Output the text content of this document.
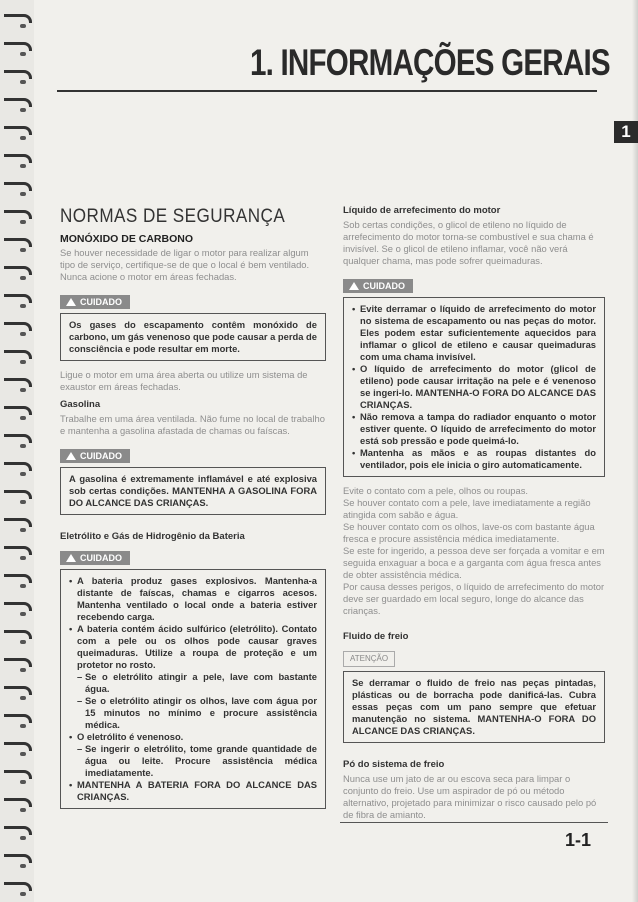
1. INFORMAÇÕES GERAIS
1
NORMAS DE SEGURANÇA
MONÓXIDO DE CARBONO

Se houver necessidade de ligar o motor para realizar algum tipo de serviço, certifique-se de que o local é bem ventilado. Nunca acione o motor em áreas fechadas.

CUIDADO
Os gases do escapamento contêm monóxido de carbono, um gás venenoso que pode causar a perda de consciência e pode resultar em morte.

Ligue o motor em uma área aberta ou utilize um sistema de exaustor em áreas fechadas.

Gasolina

Trabalhe em uma área ventilada. Não fume no local de trabalho e mantenha a gasolina afastada de chamas ou faíscas.

CUIDADO
A gasolina é extremamente inflamável e até explosiva sob certas condições. MANTENHA A GASOLINA FORA DO ALCANCE DAS CRIANÇAS.
Eletrólito e Gás de Hidrogênio da Bateria
CUIDADO
• A bateria produz gases explosivos. Mantenha-a distante de faíscas, chamas e cigarros acesos. Mantenha ventilado o local onde a bateria estiver recebendo carga.
• A bateria contém ácido sulfúrico (eletrólito). Contato com a pele ou os olhos pode causar graves queimaduras. Utilize a roupa de proteção e um protetor no rosto.
– Se o eletrólito atingir a pele, lave com bastante água.
– Se o eletrólito atingir os olhos, lave com água por 15 minutos no mínimo e procure assistência médica.
• O eletrólito é venenoso.
– Se ingerir o eletrólito, tome grande quantidade de água ou leite. Procure assistência médica imediatamente.
• MANTENHA A BATERIA FORA DO ALCANCE DAS CRIANÇAS.
Líquido de arrefecimento do motor

Sob certas condições, o glicol de etileno no líquido de arrefecimento do motor torna-se combustível e sua chama é invisível. Se o glicol de etileno inflamar, você não verá qualquer chama, mas pode sofrer queimaduras.

CUIDADO
• Evite derramar o líquido de arrefecimento do motor no sistema de escapamento ou nas peças do motor. Eles podem estar suficientemente aquecidos para inflamar o glicol de etileno e causar queimaduras com uma chama invisível.
• O líquido de arrefecimento do motor (glicol de etileno) pode causar irritação na pele e é venenoso se ingeri-lo. MANTENHA-O FORA DO ALCANCE DAS CRIANÇAS.
• Não remova a tampa do radiador enquanto o motor estiver quente. O líquido de arrefecimento do motor está sob pressão e pode queimá-lo.
• Mantenha as mãos e as roupas distantes do ventilador, pois ele inicia o giro automaticamente.

Evite o contato com a pele, olhos ou roupas.
Se houver contato com a pele, lave imediatamente a região atingida com sabão e água.
Se houver contato com os olhos, lave-os com bastante água fresca e procure assistência médica imediatamente.
Se este for ingerido, a pessoa deve ser forçada a vomitar e em seguida enxaguar a boca e a garganta com água fresca antes de obter assistência médica.
Por causa desses perigos, o líquido de arrefecimento do motor deve ser guardado em local seguro, longe do alcance das crianças.

Fluido de freio
ATENÇÃO
Se derramar o fluido de freio nas peças pintadas, plásticas ou de borracha pode danificá-las. Cubra essas peças com um pano sempre que efetuar manutenção no sistema. MANTENHA-O FORA DO ALCANCE DAS CRIANÇAS.
Pó do sistema de freio

Nunca use um jato de ar ou escova seca para limpar o conjunto do freio. Use um aspirador de pó ou método alternativo, projetado para minimizar o risco causado pelo pó de fibra de amianto.

1-1
